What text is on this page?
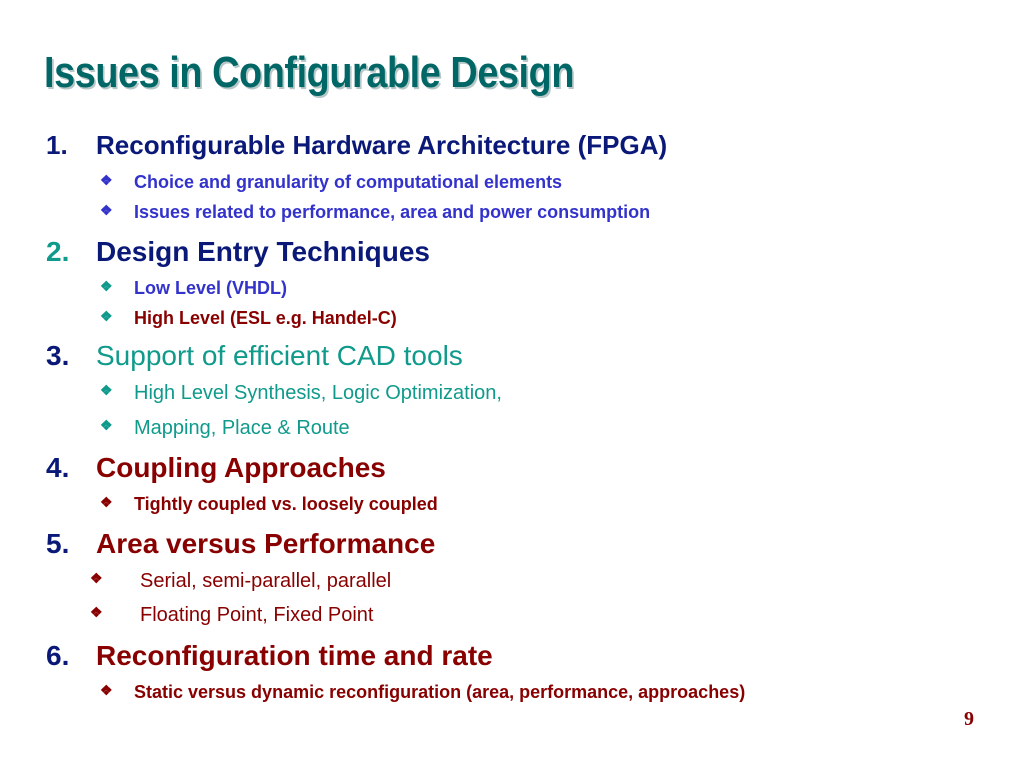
Issues in Configurable Design
1. Reconfigurable Hardware Architecture (FPGA)
❖ Choice and granularity of computational elements
❖ Issues related to performance, area and power consumption
2. Design Entry Techniques
❖ Low Level (VHDL)
❖ High Level (ESL e.g. Handel-C)
3. Support of efficient CAD tools
❖ High Level Synthesis, Logic Optimization,
❖ Mapping, Place & Route
4. Coupling Approaches
❖ Tightly coupled vs. loosely coupled
5. Area versus Performance
❖ Serial, semi-parallel, parallel
❖ Floating Point, Fixed Point
6. Reconfiguration time and rate
❖ Static versus dynamic reconfiguration (area, performance, approaches)
9
